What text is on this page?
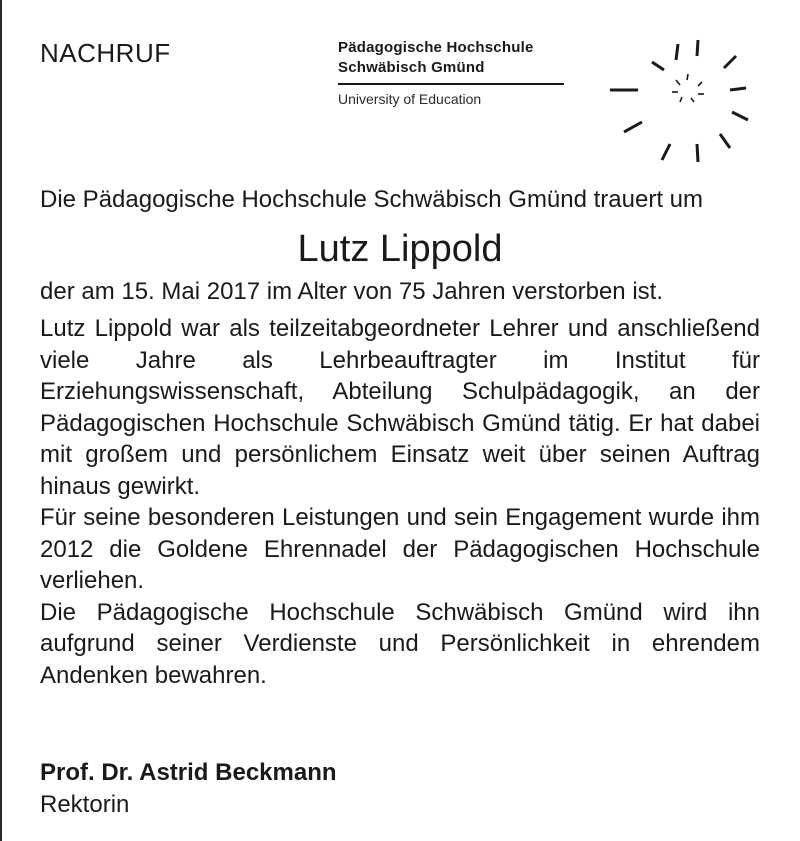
NACHRUF	Pädagogische Hochschule
Schwäbisch Gmünd
University of Education

Die Pädagogische Hochschule Schwäbisch Gmünd trauert um

Lutz Lippold

der am 15. Mai 2017 im Alter von 75 Jahren verstorben ist.

Lutz Lippold war als teilzeitabgeordneter Lehrer und anschließend viele Jahre als Lehrbeauftragter im Institut für Erziehungswissenschaft, Abteilung Schulpädagogik, an der Pädagogischen Hochschule Schwäbisch Gmünd tätig. Er hat dabei mit großem und persönlichem Einsatz weit über seinen Auftrag hinaus gewirkt.

Für seine besonderen Leistungen und sein Engagement wurde ihm 2012 die Goldene Ehrennadel der Pädagogischen Hochschule verliehen.

Die Pädagogische Hochschule Schwäbisch Gmünd wird ihn aufgrund seiner Verdienste und Persönlichkeit in ehrendem Andenken bewahren.

Prof. Dr. Astrid Beckmann
Rektorin
